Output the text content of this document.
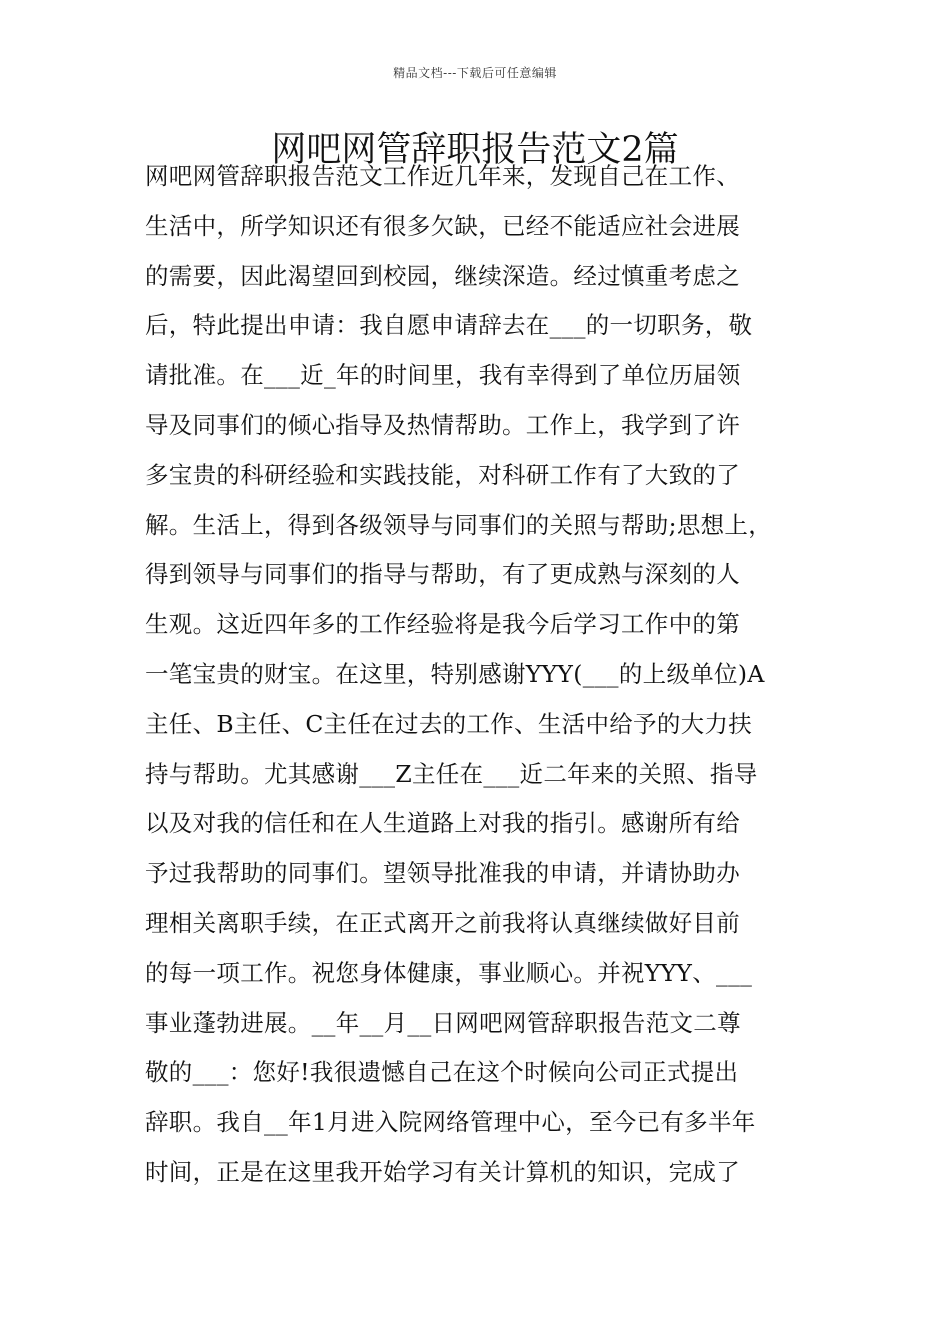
精品文档---下载后可任意编辑
网吧网管辞职报告范文2篇
网吧网管辞职报告范文工作近几年来，发现自己在工作、
生活中，所学知识还有很多欠缺，已经不能适应社会进展
的需要，因此渴望回到校园，继续深造。经过慎重考虑之
后，特此提出申请：我自愿申请辞去在___的一切职务，敬
请批准。在___近_年的时间里，我有幸得到了单位历届领
导及同事们的倾心指导及热情帮助。工作上，我学到了许
多宝贵的科研经验和实践技能，对科研工作有了大致的了
解。生活上，得到各级领导与同事们的关照与帮助;思想上，
得到领导与同事们的指导与帮助，有了更成熟与深刻的人
生观。这近四年多的工作经验将是我今后学习工作中的第
一笔宝贵的财宝。在这里，特别感谢YYY(___的上级单位)A
主任、B主任、C主任在过去的工作、生活中给予的大力扶
持与帮助。尤其感谢___Z主任在___近二年来的关照、指导
以及对我的信任和在人生道路上对我的指引。感谢所有给
予过我帮助的同事们。望领导批准我的申请，并请协助办
理相关离职手续，在正式离开之前我将认真继续做好目前
的每一项工作。祝您身体健康，事业顺心。并祝YYY、___
事业蓬勃进展。__年__月__日网吧网管辞职报告范文二尊
敬的___：您好!我很遗憾自己在这个时候向公司正式提出
辞职。我自__年1月进入院网络管理中心，至今已有多半年
时间，正是在这里我开始学习有关计算机的知识，完成了
